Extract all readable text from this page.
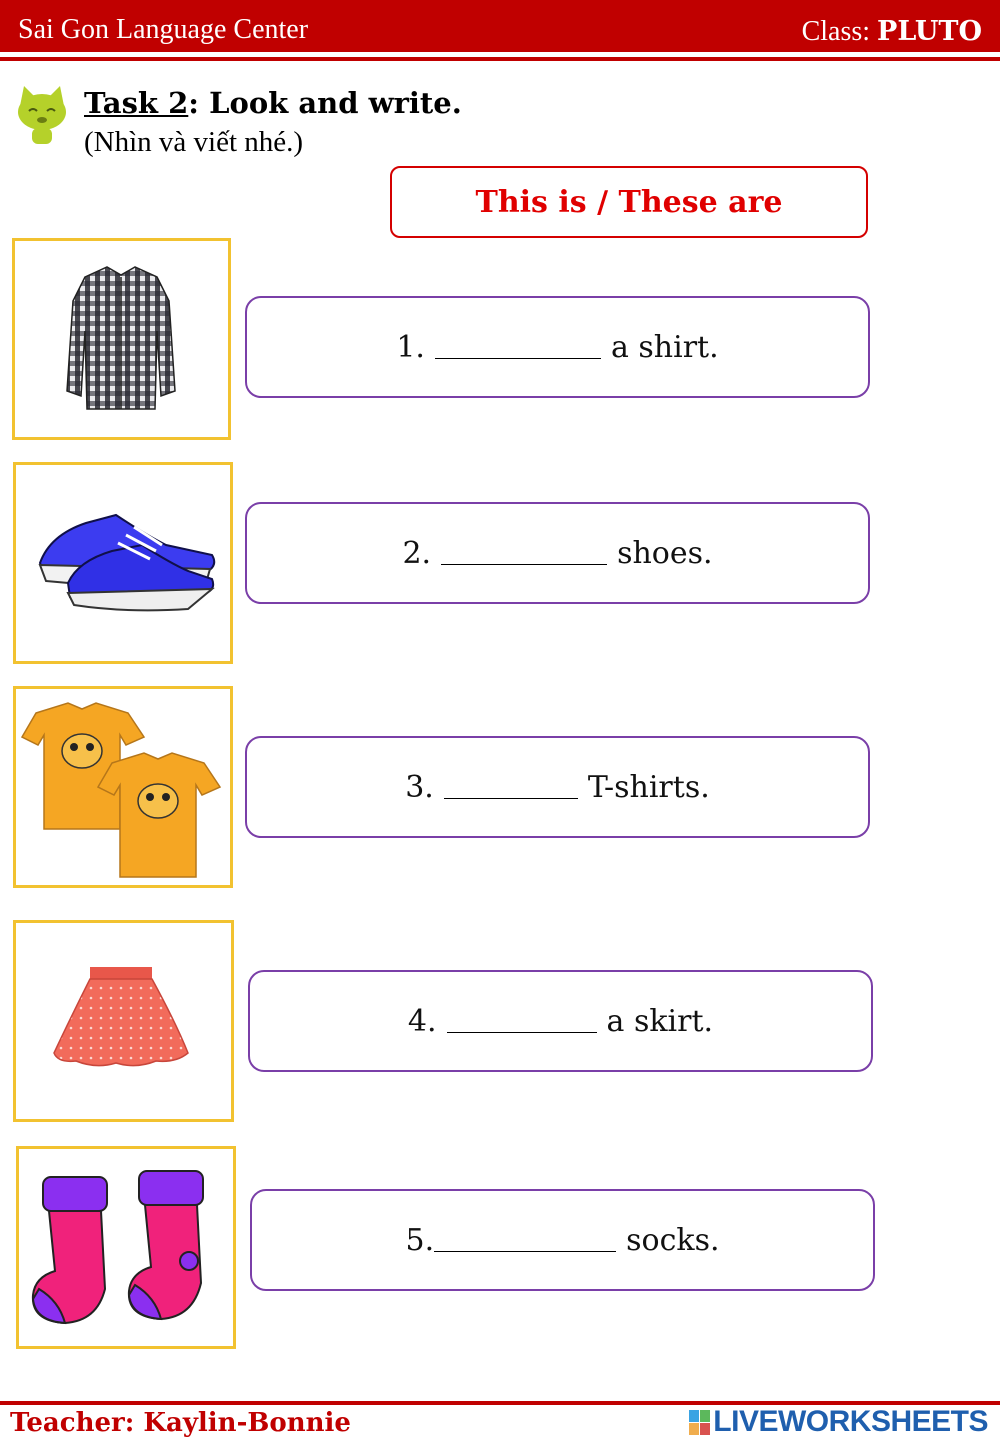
Sai Gon Language Center	Class: PLUTO
Task 2: Look and write.
(Nhìn và viết nhé.)
This is / These are
1.	a shirt.
2.	shoes.
3.	T-shirts.
4.	a skirt.
5.	socks.
Teacher: Kaylin-Bonnie	LIVEWORKSHEETS
